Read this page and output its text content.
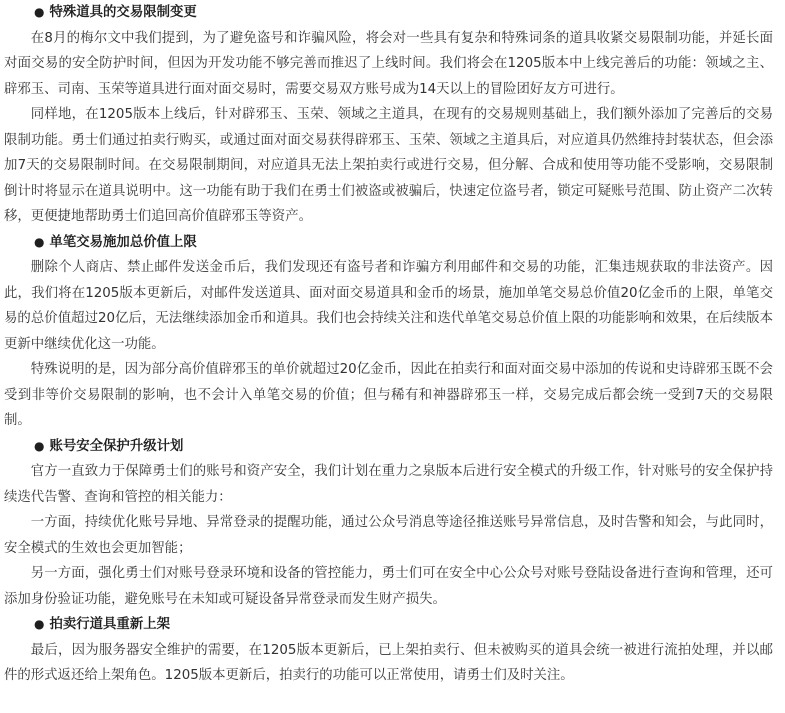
● 特殊道具的交易限制变更

在8月的梅尔文中我们提到，为了避免盗号和诈骗风险，将会对一些具有复杂和特殊词条的道具收紧交易限制功能，并延长面对面交易的安全防护时间，但因为开发功能不够完善而推迟了上线时间。我们将会在1205版本中上线完善后的功能：领域之主、辟邪玉、司南、玉荣等道具进行面对面交易时，需要交易双方账号成为14天以上的冒险团好友方可进行。

同样地，在1205版本上线后，针对辟邪玉、玉荣、领域之主道具，在现有的交易规则基础上，我们额外添加了完善后的交易限制功能。勇士们通过拍卖行购买，或通过面对面交易获得辟邪玉、玉荣、领域之主道具后，对应道具仍然维持封装状态，但会添加7天的交易限制时间。在交易限制期间，对应道具无法上架拍卖行或进行交易，但分解、合成和使用等功能不受影响，交易限制倒计时将显示在道具说明中。这一功能有助于我们在勇士们被盗或被骗后，快速定位盗号者，锁定可疑账号范围、防止资产二次转移，更便捷地帮助勇士们追回高价值辟邪玉等资产。

● 单笔交易施加总价值上限

删除个人商店、禁止邮件发送金币后，我们发现还有盗号者和诈骗方利用邮件和交易的功能，汇集违规获取的非法资产。因此，我们将在1205版本更新后，对邮件发送道具、面对面交易道具和金币的场景，施加单笔交易总价值20亿金币的上限，单笔交易的总价值超过20亿后，无法继续添加金币和道具。我们也会持续关注和迭代单笔交易总价值上限的功能影响和效果，在后续版本更新中继续优化这一功能。

特殊说明的是，因为部分高价值辟邪玉的单价就超过20亿金币，因此在拍卖行和面对面交易中添加的传说和史诗辟邪玉既不会受到非等价交易限制的影响，也不会计入单笔交易的价值；但与稀有和神器辟邪玉一样，交易完成后都会统一受到7天的交易限制。

● 账号安全保护升级计划

官方一直致力于保障勇士们的账号和资产安全，我们计划在重力之泉版本后进行安全模式的升级工作，针对账号的安全保护持续迭代告警、查询和管控的相关能力：

一方面，持续优化账号异地、异常登录的提醒功能，通过公众号消息等途径推送账号异常信息，及时告警和知会，与此同时，安全模式的生效也会更加智能；

另一方面，强化勇士们对账号登录环境和设备的管控能力，勇士们可在安全中心公众号对账号登陆设备进行查询和管理，还可添加身份验证功能，避免账号在未知或可疑设备异常登录而发生财产损失。

● 拍卖行道具重新上架

最后，因为服务器安全维护的需要，在1205版本更新后，已上架拍卖行、但未被购买的道具会统一被进行流拍处理，并以邮件的形式返还给上架角色。1205版本更新后，拍卖行的功能可以正常使用，请勇士们及时关注。
